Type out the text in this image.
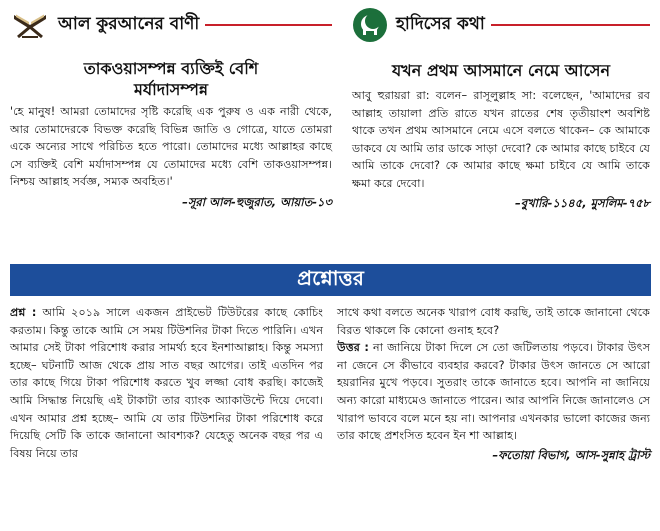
আল কুরআনের বাণী
তাকওয়াসম্পন্ন ব্যক্তিই বেশি
মর্যাদাসম্পন্ন
'হে মানুষ! আমরা তোমাদের সৃষ্টি করেছি এক পুরুষ ও এক নারী থেকে, আর তোমাদেরকে বিভক্ত করেছি বিভিন্ন জাতি ও গোত্রে, যাতে তোমরা একে অন্যের সাথে পরিচিত হতে পারো। তোমাদের মধ্যে আল্লাহর কাছে সে ব্যক্তিই বেশি মর্যাদাসম্পন্ন যে তোমাদের মধ্যে বেশি তাকওয়াসম্পন্ন। নিশ্চয় আল্লাহ সর্বজ্ঞ, সম্যক অবহিত।'
–সূরা আল-হুজুরাত, আয়াত-১৩
হাদিসের কথা
যখন প্রথম আসমানে নেমে আসেন
আবু হুরায়রা রা: বলেন– রাসূলুল্লাহ সা: বলেছেন, 'আমাদের রব আল্লাহ তায়ালা প্রতি রাতে যখন রাতের শেষ তৃতীয়াংশ অবশিষ্ট থাকে তখন প্রথম আসমানে নেমে এসে বলতে থাকেন– কে আমাকে ডাকবে যে আমি তার ডাকে সাড়া দেবো? কে আমার কাছে চাইবে যে আমি তাকে দেবো? কে আমার কাছে ক্ষমা চাইবে যে আমি তাকে ক্ষমা করে দেবো।
–বুখারি-১১৪৫, মুসলিম-৭৫৮
প্রশ্নোত্তর
প্রশ্ন : আমি ২০১৯ সালে একজন প্রাইভেট টিউটরের কাছে কোচিং করতাম। কিন্তু তাকে আমি সে সময় টিউশনির টাকা দিতে পারিনি। এখন আমার সেই টাকা পরিশোধ করার সামর্থ্য হবে ইনশাআল্লাহ। কিন্তু সমস্যা হচ্ছে– ঘটনাটি আজ থেকে প্রায় সাত বছর আগের। তাই এতদিন পর তার কাছে গিয়ে টাকা পরিশোধ করতে খুব লজ্জা বোধ করছি। কাজেই আমি সিদ্ধান্ত নিয়েছি এই টাকাটা তার ব্যাংক অ্যাকাউন্টে দিয়ে দেবো। এখন আমার প্রশ্ন হচ্ছে– আমি যে তার টিউশনির টাকা পরিশোধ করে দিয়েছি সেটি কি তাকে জানানো আবশ্যক? যেহেতু অনেক বছর পর এ বিষয় নিয়ে তার
সাথে কথা বলতে অনেক খারাপ বোধ করছি, তাই তাকে জানানো থেকে বিরত থাকলে কি কোনো গুনাহ হবে?
উত্তর : না জানিয়ে টাকা দিলে সে তো জটিলতায় পড়বে। টাকার উৎস না জেনে সে কীভাবে ব্যবহার করবে? টাকার উৎস জানতে সে আরো হয়রানির মুখে পড়বে। সুতরাং তাকে জানাতে হবে। আপনি না জানিয়ে অন্য কারো মাধ্যমেও জানাতে পারেন। আর আপনি নিজে জানালেও সে খারাপ ভাববে বলে মনে হয় না। আপনার এখনকার ভালো কাজের জন্য তার কাছে প্রশংসিত হবেন ইন শা আল্লাহ।
–ফতোয়া বিভাগ, আস-সুন্নাহ ট্রাস্ট
